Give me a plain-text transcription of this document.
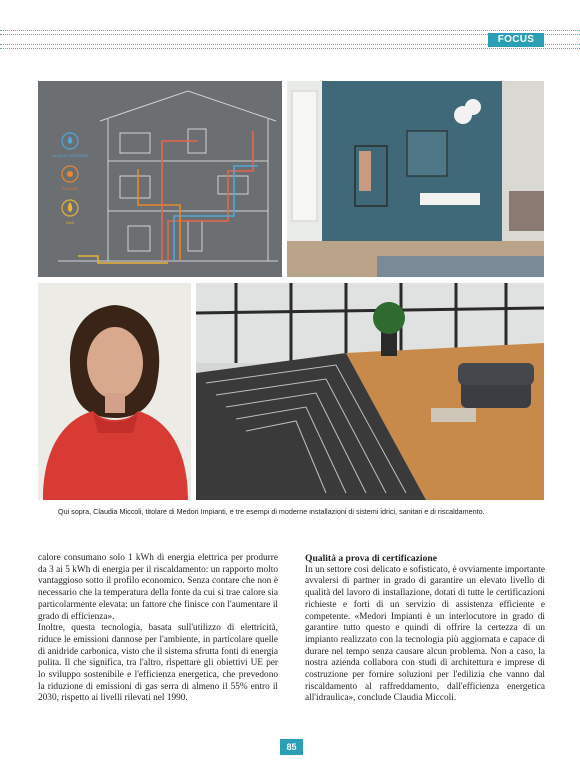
FOCUS
ACQUA SANITARIA
SOLARE
GAS
Qui sopra, Claudia Miccoli, titolare di Medori Impianti, e tre esempi di moderne installazioni di sistemi idrici, sanitari e di riscaldamento.

calore consumano solo 1 kWh di energia elettrica per produrre da 3 ai 5 kWh di energia per il riscaldamento: un rapporto molto vantaggioso sotto il profilo economico. Senza contare che non è necessario che la temperatura della fonte da cui si trae calore sia particolarmente elevata: un fattore che finisce con l'aumentare il grado di efficienza».

Inoltre, questa tecnologia, basata sull'utilizzo di elettricità, riduce le emissioni dannose per l'ambiente, in particolare quelle di anidride carbonica, visto che il sistema sfrutta fonti di energia pulita. Il che significa, tra l'altro, rispettare gli obiettivi UE per lo sviluppo sostenibile e l'efficienza energetica, che prevedono la riduzione di emissioni di gas serra di almeno il 55% entro il 2030, rispetto ai livelli rilevati nel 1990.

Qualità a prova di certificazione

In un settore così delicato e sofisticato, è ovviamente importante avvalersi di partner in grado di garantire un elevato livello di qualità del lavoro di installazione, dotati di tutte le certificazioni richieste e forti di un servizio di assistenza efficiente e competente. «Medori Impianti è un interlocutore in grado di garantire tutto questo e quindi di offrire la certezza di un impianto realizzato con la tecnologia più aggiornata e capace di durare nel tempo senza causare alcun problema. Non a caso, la nostra azienda collabora con studi di architettura e imprese di costruzione per fornire soluzioni per l'edilizia che vanno dal riscaldamento al raffreddamento, dall'efficienza energetica all'idraulica», conclude Claudia Miccoli.

85
